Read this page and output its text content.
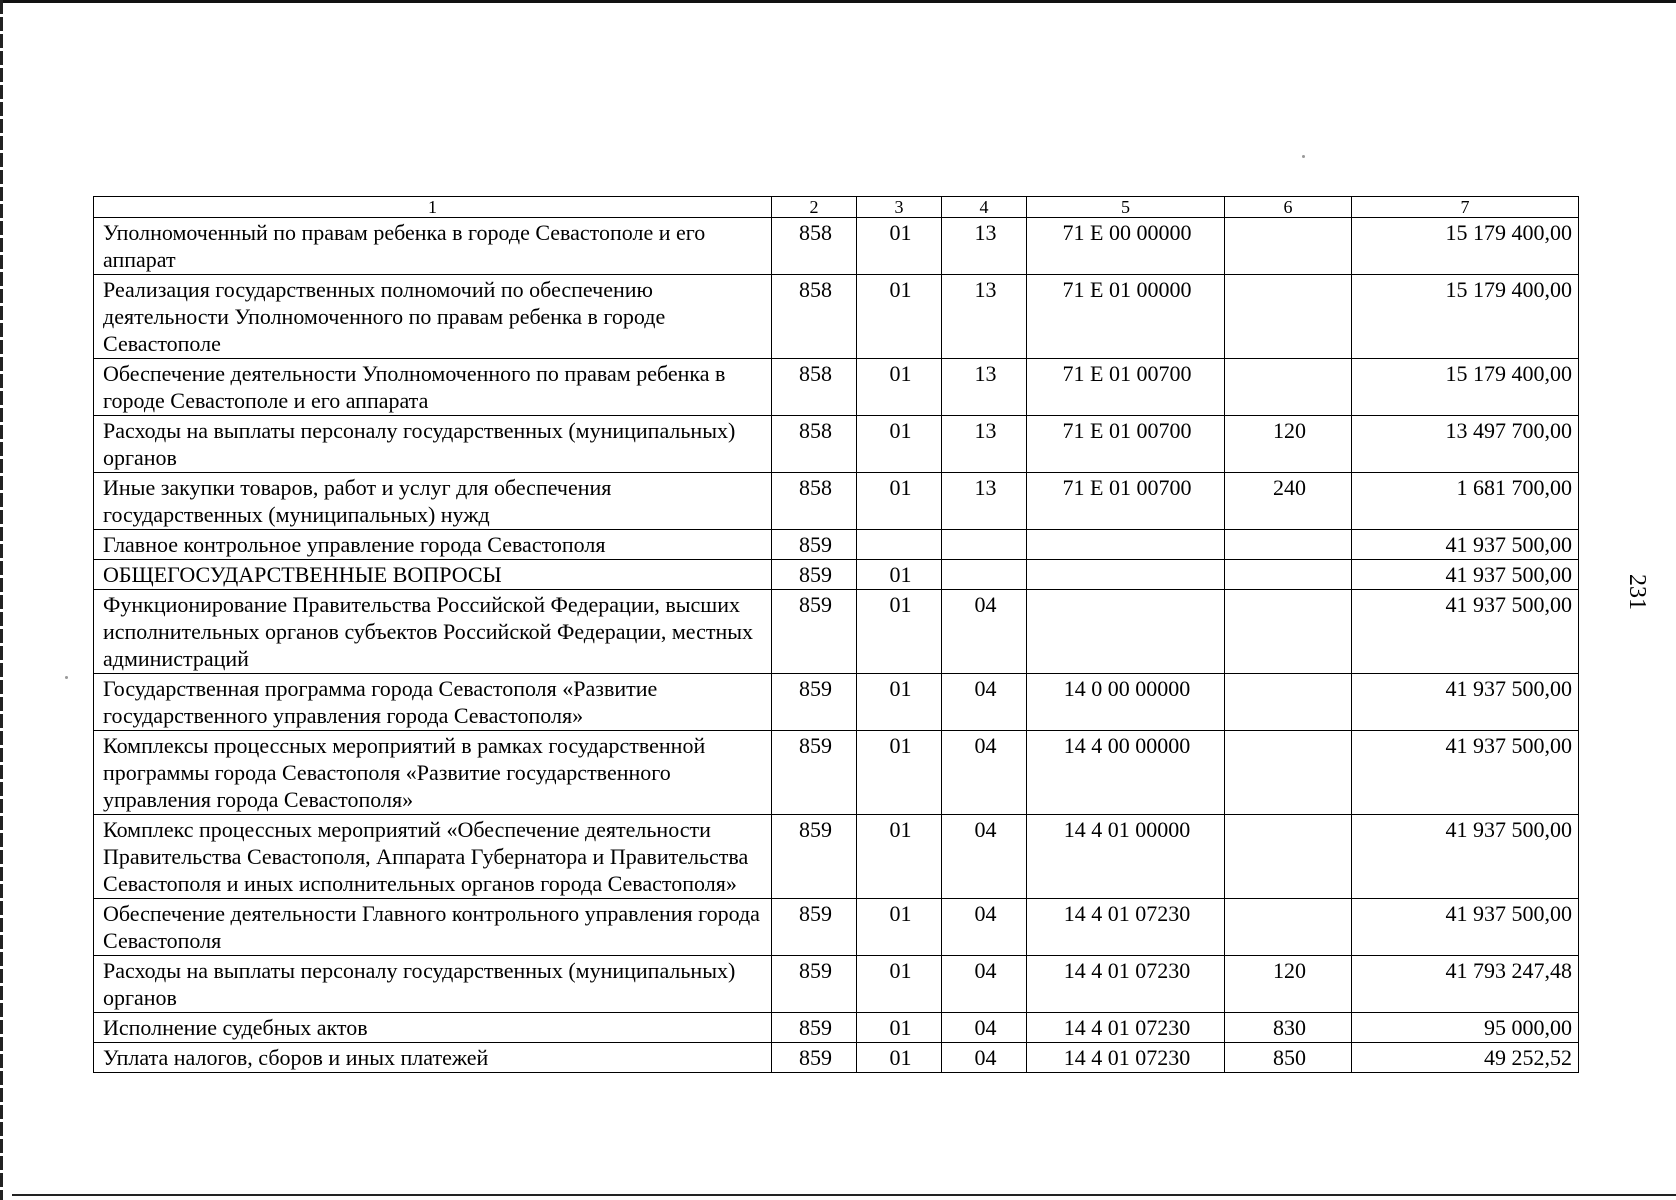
1	2	3	4	5	6	7
Уполномоченный по правам ребенка в городе Севастополе и его аппарат	858	01	13	71 Е 00 00000		15 179 400,00
Реализация государственных полномочий по обеспечению деятельности Уполномоченного по правам ребенка в городе Севастополе	858	01	13	71 Е 01 00000		15 179 400,00
Обеспечение деятельности Уполномоченного по правам ребенка в городе Севастополе и его аппарата	858	01	13	71 Е 01 00700		15 179 400,00
Расходы на выплаты персоналу государственных (муниципальных) органов	858	01	13	71 Е 01 00700	120	13 497 700,00
Иные закупки товаров, работ и услуг для обеспечения государственных (муниципальных) нужд	858	01	13	71 Е 01 00700	240	1 681 700,00
Главное контрольное управление города Севастополя	859					41 937 500,00
ОБЩЕГОСУДАРСТВЕННЫЕ ВОПРОСЫ	859	01				41 937 500,00
Функционирование Правительства Российской Федерации, высших исполнительных органов субъектов Российской Федерации, местных администраций	859	01	04			41 937 500,00
Государственная программа города Севастополя «Развитие государственного управления города Севастополя»	859	01	04	14 0 00 00000		41 937 500,00
Комплексы процессных мероприятий в рамках государственной программы города Севастополя «Развитие государственного управления города Севастополя»	859	01	04	14 4 00 00000		41 937 500,00
Комплекс процессных мероприятий «Обеспечение деятельности Правительства Севастополя, Аппарата Губернатора и Правительства Севастополя и иных исполнительных органов города Севастополя»	859	01	04	14 4 01 00000		41 937 500,00
Обеспечение деятельности Главного контрольного управления города Севастополя	859	01	04	14 4 01 07230		41 937 500,00
Расходы на выплаты персоналу государственных (муниципальных) органов	859	01	04	14 4 01 07230	120	41 793 247,48
Исполнение судебных актов	859	01	04	14 4 01 07230	830	95 000,00
Уплата налогов, сборов и иных платежей	859	01	04	14 4 01 07230	850	49 252,52
231
